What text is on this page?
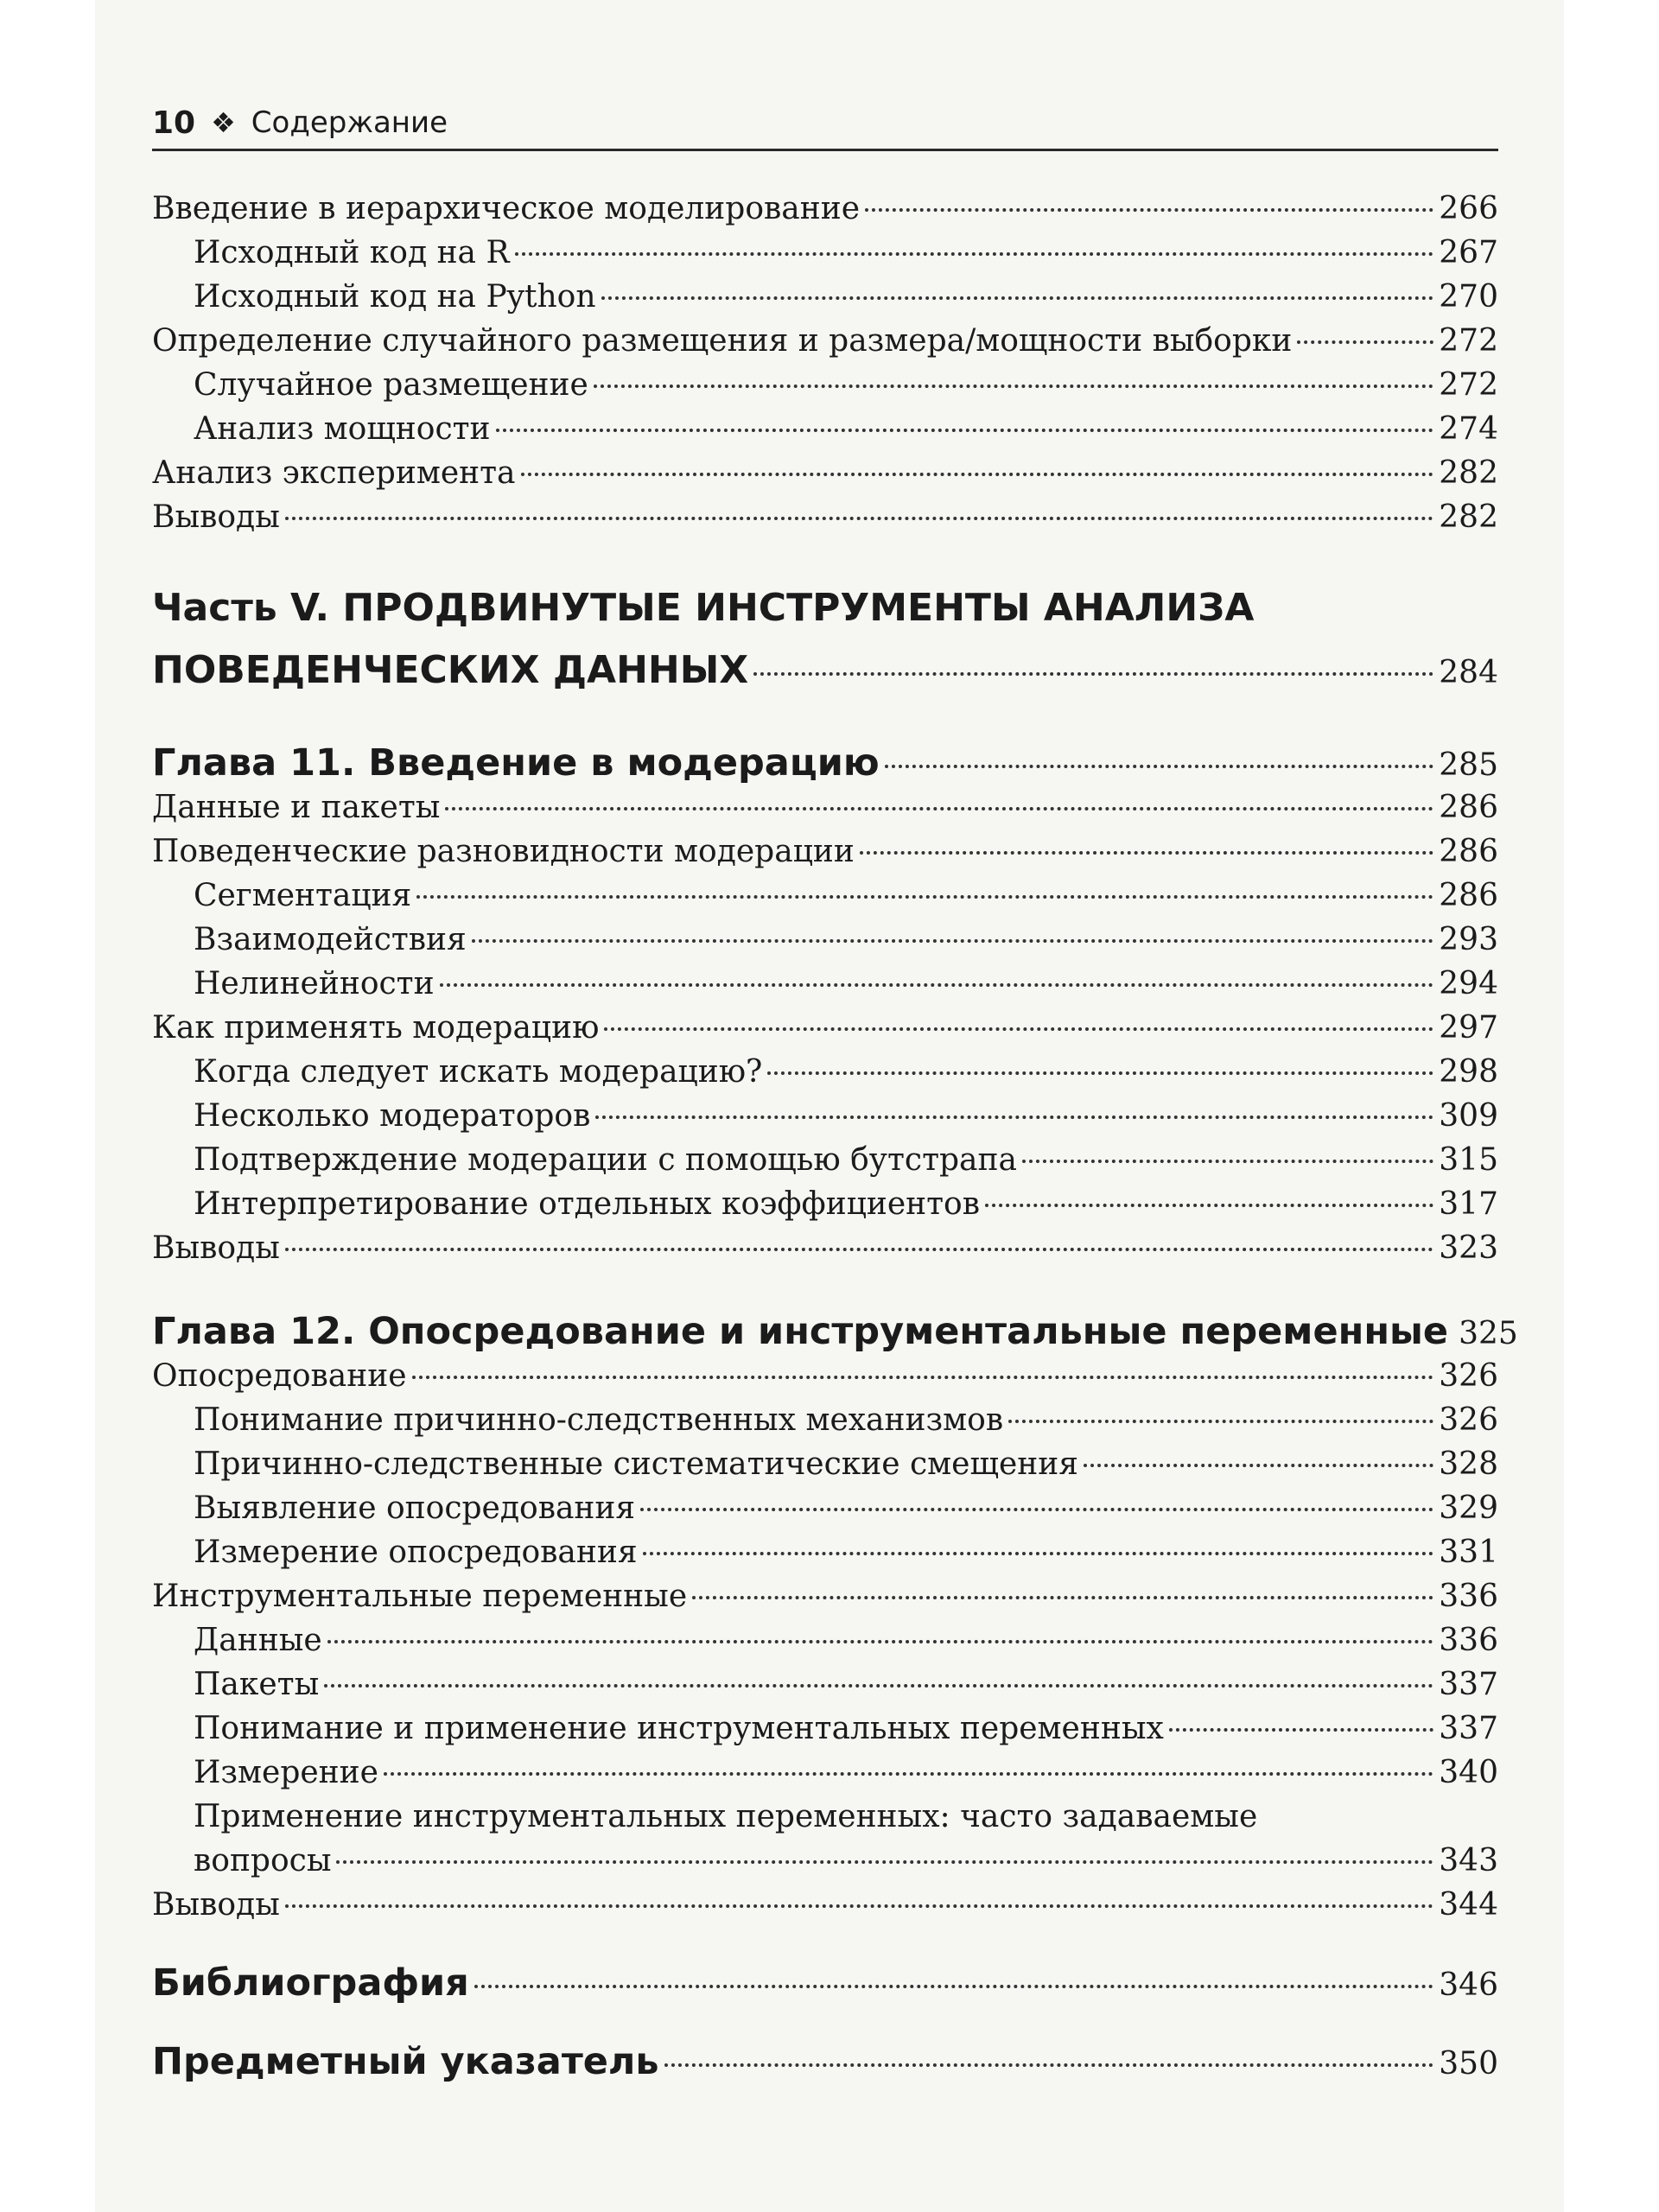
10 ❖ Содержание
Введение в иерархическое моделирование	266
Исходный код на R	267
Исходный код на Python	270
Определение случайного размещения и размера/мощности выборки	272
Случайное размещение	272
Анализ мощности	274
Анализ эксперимента	282
Выводы	282
Часть V. ПРОДВИНУТЫЕ ИНСТРУМЕНТЫ АНАЛИЗА
ПОВЕДЕНЧЕСКИХ ДАННЫХ	284
Глава 11. Введение в модерацию	285
Данные и пакеты	286
Поведенческие разновидности модерации	286
Сегментация	286
Взаимодействия	293
Нелинейности	294
Как применять модерацию	297
Когда следует искать модерацию?	298
Несколько модераторов	309
Подтверждение модерации с помощью бутстрапа	315
Интерпретирование отдельных коэффициентов	317
Выводы	323
Глава 12. Опосредование и инструментальные переменные 325
Опосредование	326
Понимание причинно-следственных механизмов	326
Причинно-следственные систематические смещения	328
Выявление опосредования	329
Измерение опосредования	331
Инструментальные переменные	336
Данные	336
Пакеты	337
Понимание и применение инструментальных переменных	337
Измерение	340
Применение инструментальных переменных: часто задаваемые
вопросы	343
Выводы	344
Библиография	346
Предметный указатель	350
